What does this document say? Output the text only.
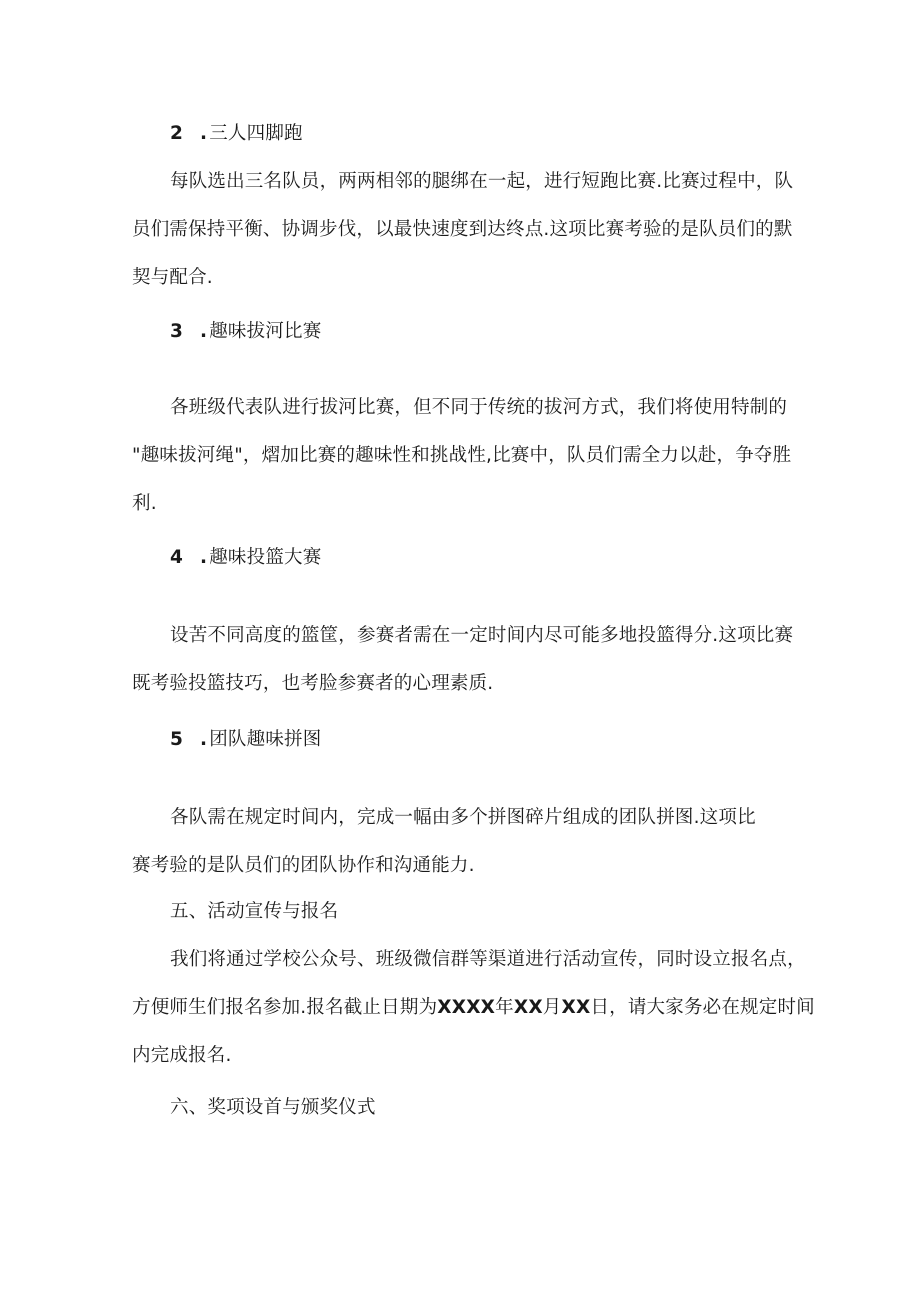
2 . 三人四脚跑
每队选出三名队员，两两相邻的腿绑在一起，进行短跑比赛.比赛过程中，队
员们需保持平衡、协调步伐，以最快速度到达终点.这项比赛考验的是队员们的默
契与配合.
3 . 趣味拔河比赛
各班级代表队进行拔河比赛，但不同于传统的拔河方式，我们将使用特制的
"趣味拔河绳"，熠加比赛的趣味性和挑战性,比赛中，队员们需全力以赴，争夺胜
利.
4 . 趣味投篮大赛
设苦不同高度的篮筐，参赛者需在一定时间内尽可能多地投篮得分.这项比赛
既考验投篮技巧，也考脸参赛者的心理素质.
5 . 团队趣味拼图
各队需在规定时间内，完成一幅由多个拼图碎片组成的团队拼图.这项比
赛考验的是队员们的团队协作和沟通能力.
五、活动宣传与报名
我们将通过学校公众号、班级微信群等渠道进行活动宣传，同时设立报名点，
方便师生们报名参加.报名截止日期为XXXX年XX月XX日，请大家务必在规定时间
内完成报名.
六、奖项设首与颁奖仪式
